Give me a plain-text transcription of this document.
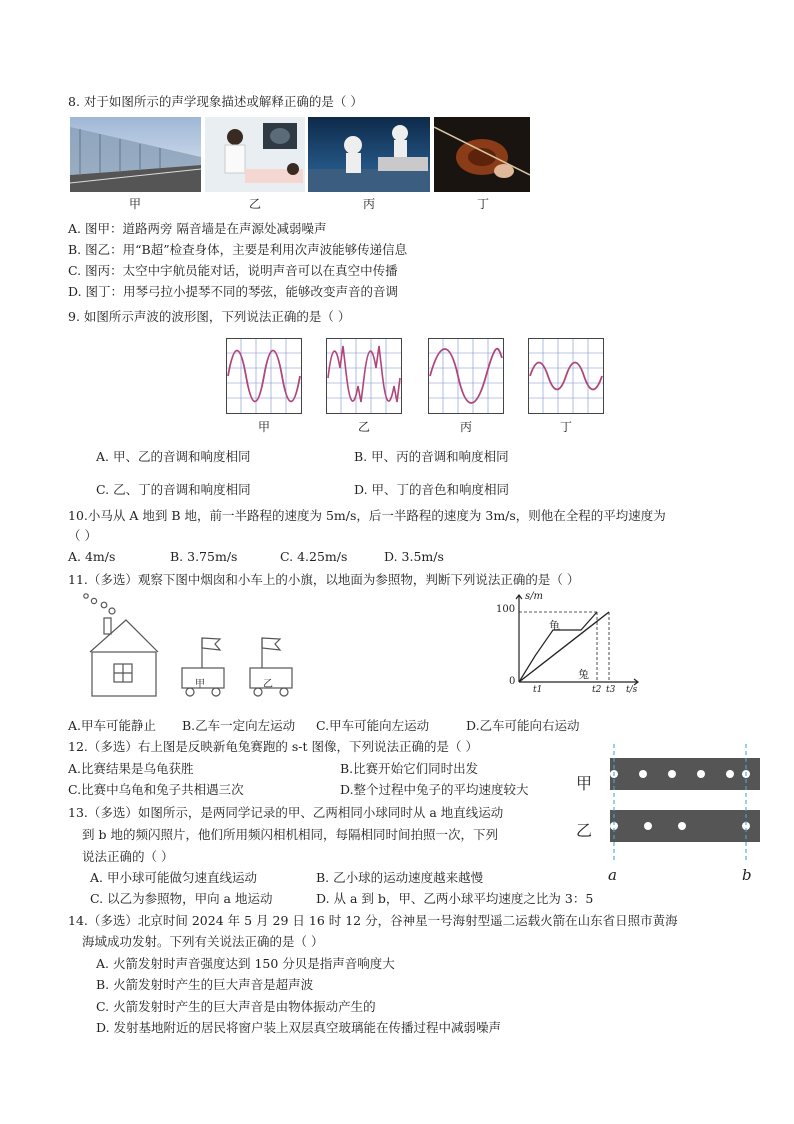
8. 对于如图所示的声学现象描述或解释正确的是（ ）
甲	乙	丙	丁
A. 图甲：道路两旁 隔音墙是在声源处减弱噪声
B. 图乙：用“B超”检查身体，主要是利用次声波能够传递信息
C. 图丙：太空中宇航员能对话，说明声音可以在真空中传播
D. 图丁：用琴弓拉小提琴不同的琴弦，能够改变声音的音调
9. 如图所示声波的波形图，下列说法正确的是（ ）
甲	乙	丙	丁
A. 甲、乙的音调和响度相同	B. 甲、丙的音调和响度相同
C. 乙、丁的音调和响度相同	D. 甲、丁的音色和响度相同
10.小马从 A 地到 B 地，前一半路程的速度为 5m/s，后一半路程的速度为 3m/s，则他在全程的平均速度为
（ ）
A. 4m/s	B. 3.75m/s	C. 4.25m/s	D. 3.5m/s
11.（多选）观察下图中烟囱和小车上的小旗，以地面为参照物，判断下列说法正确的是（ ）
甲	乙
s/m
100
0
龟
兔
t1	t2 t3 t/s
A.甲车可能静止 B.乙车一定向左运动 C.甲车可能向左运动	D.乙车可能向右运动
12.（多选）右上图是反映新龟兔赛跑的 s-t 图像，下列说法正确的是（ ）
A.比赛结果是乌龟获胜	B.比赛开始它们同时出发
C.比赛中乌龟和兔子共相遇三次	D.整个过程中兔子的平均速度较大	甲
乙
a	b
13.（多选）如图所示，是两同学记录的甲、乙两相同小球同时从 a 地直线运动
到 b 地的频闪照片，他们所用频闪相机相同，每隔相同时间拍照一次，下列
说法正确的（ ）
A. 甲小球可能做匀速直线运动	B. 乙小球的运动速度越来越慢
C. 以乙为参照物，甲向 a 地运动	D. 从 a 到 b，甲、乙两小球平均速度之比为 3：5
14.（多选）北京时间 2024 年 5 月 29 日 16 时 12 分，谷神星一号海射型遥二运载火箭在山东省日照市黄海
海域成功发射。下列有关说法正确的是（ ）
A. 火箭发射时声音强度达到 150 分贝是指声音响度大
B. 火箭发射时产生的巨大声音是超声波
C. 火箭发射时产生的巨大声音是由物体振动产生的
D. 发射基地附近的居民将窗户装上双层真空玻璃能在传播过程中减弱噪声
